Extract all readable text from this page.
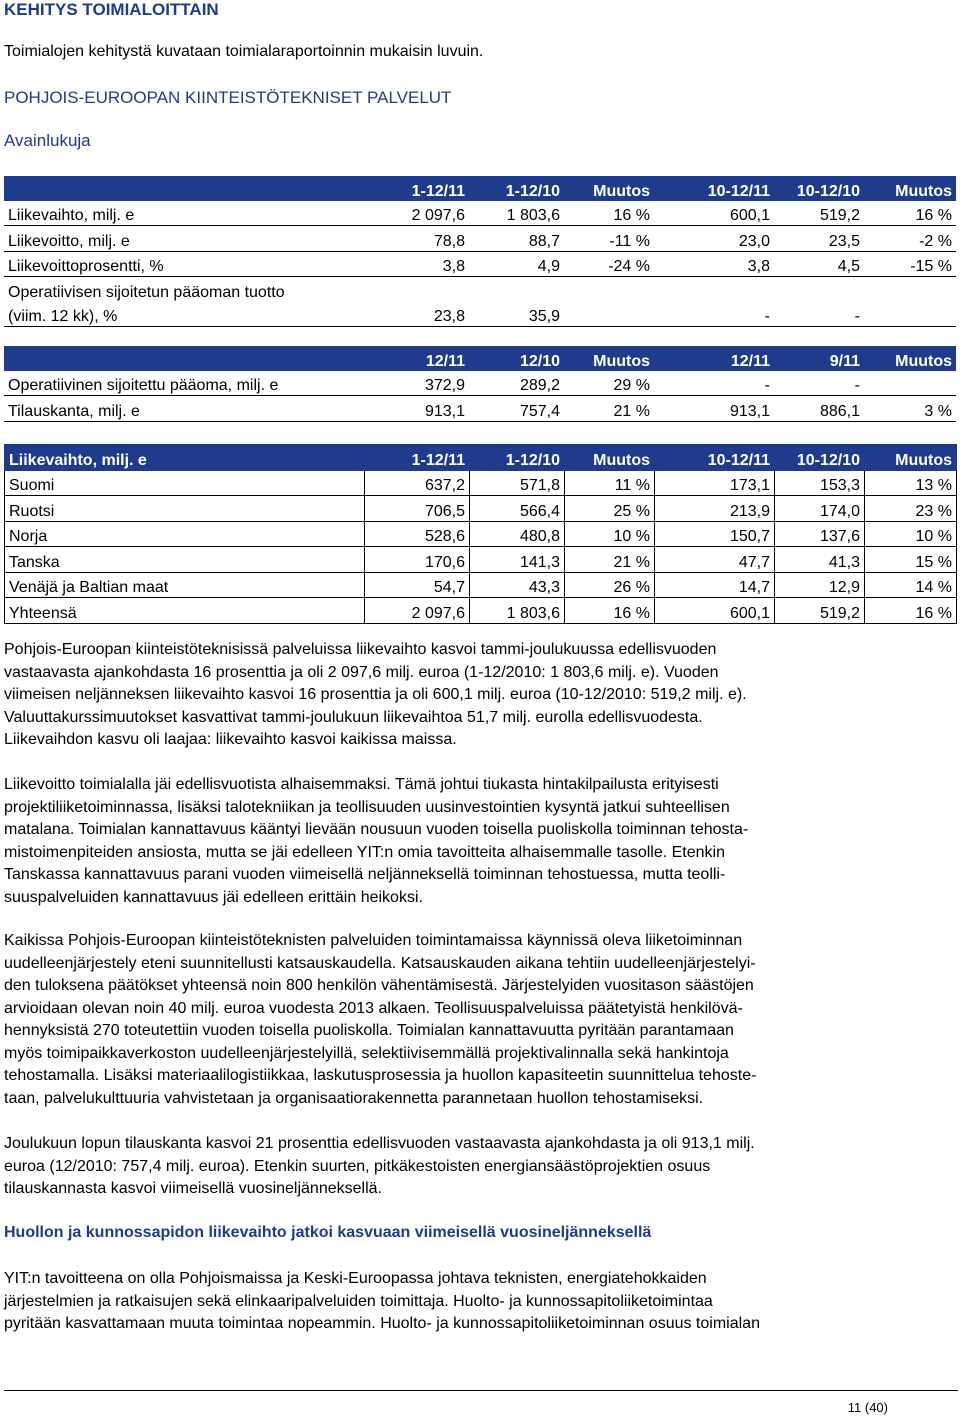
KEHITYS TOIMIALOITTAIN
Toimialojen kehitystä kuvataan toimialaraportoinnin mukaisin luvuin.
POHJOIS-EUROOPAN KIINTEISTÖTEKNISET PALVELUT
Avainlukuja
	1-12/11	1-12/10	Muutos	10-12/11	10-12/10	Muutos
Liikevaihto, milj. e	2 097,6	1 803,6	16 %	600,1	519,2	16 %
Liikevoitto, milj. e	78,8	88,7	-11 %	23,0	23,5	-2 %
Liikevoittoprosentti, %	3,8	4,9	-24 %	3,8	4,5	-15 %
Operatiivisen sijoitetun pääoman tuotto						
(viim. 12 kk), %	23,8	35,9		-	-	
	12/11	12/10	Muutos	12/11	9/11	Muutos
Operatiivinen sijoitettu pääoma, milj. e	372,9	289,2	29 %	-	-	
Tilauskanta, milj. e	913,1	757,4	21 %	913,1	886,1	3 %
Liikevaihto, milj. e	1-12/11	1-12/10	Muutos	10-12/11	10-12/10	Muutos
Suomi	637,2	571,8	11 %	173,1	153,3	13 %
Ruotsi	706,5	566,4	25 %	213,9	174,0	23 %
Norja	528,6	480,8	10 %	150,7	137,6	10 %
Tanska	170,6	141,3	21 %	47,7	41,3	15 %
Venäjä ja Baltian maat	54,7	43,3	26 %	14,7	12,9	14 %
Yhteensä	2 097,6	1 803,6	16 %	600,1	519,2	16 %
Pohjois-Euroopan kiinteistöteknisissä palveluissa liikevaihto kasvoi tammi-joulukuussa edellisvuoden
vastaavasta ajankohdasta 16 prosenttia ja oli 2 097,6 milj. euroa (1-12/2010: 1 803,6 milj. e). Vuoden
viimeisen neljänneksen liikevaihto kasvoi 16 prosenttia ja oli 600,1 milj. euroa (10-12/2010: 519,2 milj. e).
Valuuttakurssimuutokset kasvattivat tammi-joulukuun liikevaihtoa 51,7 milj. eurolla edellisvuodesta.
Liikevaihdon kasvu oli laajaa: liikevaihto kasvoi kaikissa maissa.
Liikevoitto toimialalla jäi edellisvuotista alhaisemmaksi. Tämä johtui tiukasta hintakilpailusta erityisesti
projektiliiketoiminnassa, lisäksi talotekniikan ja teollisuuden uusinvestointien kysyntä jatkui suhteellisen
matalana. Toimialan kannattavuus kääntyi lievään nousuun vuoden toisella puoliskolla toiminnan tehosta-
mistoimenpiteiden ansiosta, mutta se jäi edelleen YIT:n omia tavoitteita alhaisemmalle tasolle. Etenkin
Tanskassa kannattavuus parani vuoden viimeisellä neljänneksellä toiminnan tehostuessa, mutta teolli-
suuspalveluiden kannattavuus jäi edelleen erittäin heikoksi.
Kaikissa Pohjois-Euroopan kiinteistöteknisten palveluiden toimintamaissa käynnissä oleva liiketoiminnan
uudelleenjärjestely eteni suunnitellusti katsauskaudella. Katsauskauden aikana tehtiin uudelleenjärjestelyi-
den tuloksena päätökset yhteensä noin 800 henkilön vähentämisestä. Järjestelyiden vuositason säästöjen
arvioidaan olevan noin 40 milj. euroa vuodesta 2013 alkaen. Teollisuuspalveluissa päätetyistä henkilövä-
hennyksistä 270 toteutettiin vuoden toisella puoliskolla. Toimialan kannattavuutta pyritään parantamaan
myös toimipaikkaverkoston uudelleenjärjestelyillä, selektiivisemmällä projektivalinnalla sekä hankintoja
tehostamalla. Lisäksi materiaalilogistiikkaa, laskutusprosessia ja huollon kapasiteetin suunnittelua tehoste-
taan, palvelukulttuuria vahvistetaan ja organisaatiorakennetta parannetaan huollon tehostamiseksi.
Joulukuun lopun tilauskanta kasvoi 21 prosenttia edellisvuoden vastaavasta ajankohdasta ja oli 913,1 milj.
euroa (12/2010: 757,4 milj. euroa). Etenkin suurten, pitkäkestoisten energiansäästöprojektien osuus
tilauskannasta kasvoi viimeisellä vuosineljänneksellä.
Huollon ja kunnossapidon liikevaihto jatkoi kasvuaan viimeisellä vuosineljänneksellä
YIT:n tavoitteena on olla Pohjoismaissa ja Keski-Euroopassa johtava teknisten, energiatehokkaiden
järjestelmien ja ratkaisujen sekä elinkaaripalveluiden toimittaja. Huolto- ja kunnossapitoliiketoimintaa
pyritään kasvattamaan muuta toimintaa nopeammin. Huolto- ja kunnossapitoliiketoiminnan osuus toimialan
11 (40)
